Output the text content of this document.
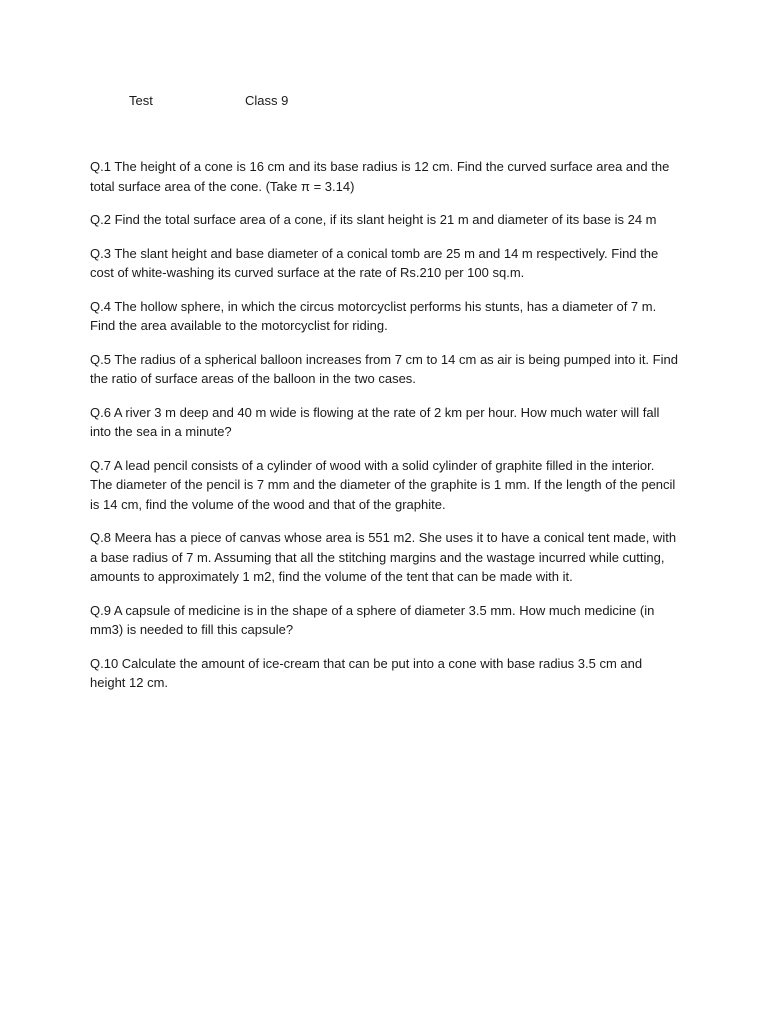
Test	Class 9

Q.1 The height of a cone is 16 cm and its base radius is 12 cm. Find the curved surface area and the total surface area of the cone. (Take π = 3.14)

Q.2 Find the total surface area of a cone, if its slant height is 21 m and diameter of its base is 24 m

Q.3 The slant height and base diameter of a conical tomb are 25 m and 14 m respectively. Find the cost of white-washing its curved surface at the rate of Rs.210 per 100 sq.m.

Q.4 The hollow sphere, in which the circus motorcyclist performs his stunts, has a diameter of 7 m. Find the area available to the motorcyclist for riding.

Q.5 The radius of a spherical balloon increases from 7 cm to 14 cm as air is being pumped into it. Find the ratio of surface areas of the balloon in the two cases.

Q.6 A river 3 m deep and 40 m wide is flowing at the rate of 2 km per hour. How much water will fall into the sea in a minute?

Q.7 A lead pencil consists of a cylinder of wood with a solid cylinder of graphite filled in the interior. The diameter of the pencil is 7 mm and the diameter of the graphite is 1 mm. If the length of the pencil is 14 cm, find the volume of the wood and that of the graphite.

Q.8 Meera has a piece of canvas whose area is 551 m2. She uses it to have a conical tent made, with a base radius of 7 m. Assuming that all the stitching margins and the wastage incurred while cutting, amounts to approximately 1 m2, find the volume of the tent that can be made with it.

Q.9 A capsule of medicine is in the shape of a sphere of diameter 3.5 mm. How much medicine (in mm3) is needed to fill this capsule?

Q.10 Calculate the amount of ice-cream that can be put into a cone with base radius 3.5 cm and height 12 cm.
